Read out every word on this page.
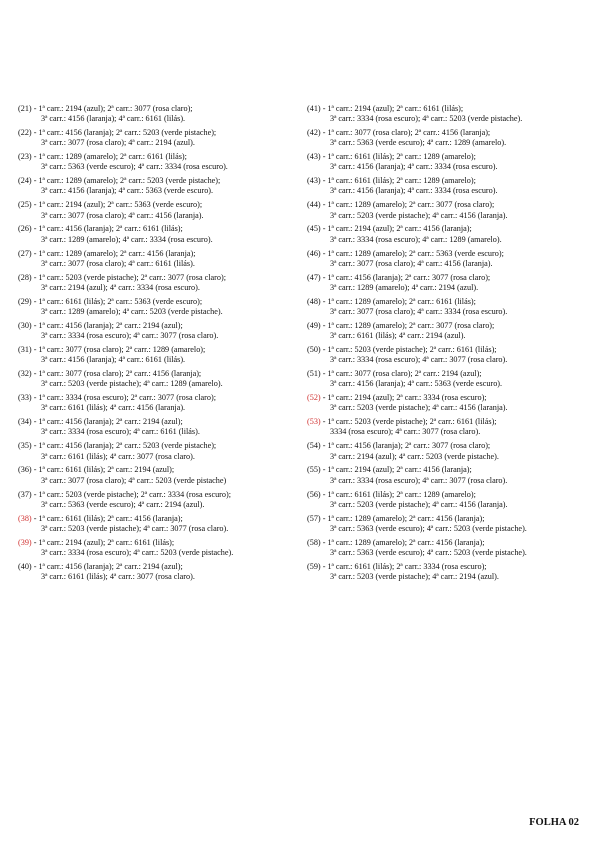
(21) - 1ª carr.: 2194 (azul); 2ª carr.: 3077 (rosa claro);
3ª carr.: 4156 (laranja); 4ª carr.: 6161 (lilás).
(22) - 1ª carr.: 4156 (laranja); 2ª carr.: 5203 (verde pistache);
3ª carr.: 3077 (rosa claro); 4ª carr.: 2194 (azul).
(23) - 1ª carr.: 1289 (amarelo); 2ª carr.: 6161 (lilás);
3ª carr.: 5363 (verde escuro); 4ª carr.: 3334 (rosa escuro).
(24) - 1ª carr.: 1289 (amarelo); 2ª carr.: 5203 (verde pistache);
3ª carr.: 4156 (laranja); 4ª carr.: 5363 (verde escuro).
(25) - 1ª carr.: 2194 (azul); 2ª carr.: 5363 (verde escuro);
3ª carr.: 3077 (rosa claro); 4ª carr.: 4156 (laranja).
(26) - 1ª carr.: 4156 (laranja); 2ª carr.: 6161 (lilás);
3ª carr.: 1289 (amarelo); 4ª carr.: 3334 (rosa escuro).
(27) - 1ª carr.: 1289 (amarelo); 2ª carr.: 4156 (laranja);
3ª carr.: 3077 (rosa claro); 4ª carr.: 6161 (lilás).
(28) - 1ª carr.: 5203 (verde pistache); 2ª carr.: 3077 (rosa claro);
3ª carr.: 2194 (azul); 4ª carr.: 3334 (rosa escuro).
(29) - 1ª carr.: 6161 (lilás); 2ª carr.: 5363 (verde escuro);
3ª carr.: 1289 (amarelo); 4ª carr.: 5203 (verde pistache).
(30) - 1ª carr.: 4156 (laranja); 2ª carr.: 2194 (azul);
3ª carr.: 3334 (rosa escuro); 4ª carr.: 3077 (rosa claro).
(31) - 1ª carr.: 3077 (rosa claro); 2ª carr.: 1289 (amarelo);
3ª carr.: 4156 (laranja); 4ª carr.: 6161 (lilás).
(32) - 1ª carr.: 3077 (rosa claro); 2ª carr.: 4156 (laranja);
3ª carr.: 5203 (verde pistache); 4ª carr.: 1289 (amarelo).
(33) - 1ª carr.: 3334 (rosa escuro); 2ª carr.: 3077 (rosa claro);
3ª carr.: 6161 (lilás); 4ª carr.: 4156 (laranja).
(34) - 1ª carr.: 4156 (laranja); 2ª carr.: 2194 (azul);
3ª carr.: 3334 (rosa escuro); 4ª carr.: 6161 (lilás).
(35) - 1ª carr.: 4156 (laranja); 2ª carr.: 5203 (verde pistache);
3ª carr.: 6161 (lilás); 4ª carr.: 3077 (rosa claro).
(36) - 1ª carr.: 6161 (lilás); 2ª carr.: 2194 (azul);
3ª carr.: 3077 (rosa claro); 4ª carr.: 5203 (verde pistache)
(37) - 1ª carr.: 5203 (verde pistache); 2ª carr.: 3334 (rosa escuro);
3ª carr.: 5363 (verde escuro); 4ª carr.: 2194 (azul).
(38) - 1ª carr.: 6161 (lilás); 2ª carr.: 4156 (laranja);
3ª carr.: 5203 (verde pistache); 4ª carr.: 3077 (rosa claro).
(39) - 1ª carr.: 2194 (azul); 2ª carr.: 6161 (lilás);
3ª carr.: 3334 (rosa escuro); 4ª carr.: 5203 (verde pistache).
(40) - 1ª carr.: 4156 (laranja); 2ª carr.: 2194 (azul);
3ª carr.: 6161 (lilás); 4ª carr.: 3077 (rosa claro).
(41) - 1ª carr.: 2194 (azul); 2ª carr.: 6161 (lilás);
3ª carr.: 3334 (rosa escuro); 4ª carr.: 5203 (verde pistache).
(42) - 1ª carr.: 3077 (rosa claro); 2ª carr.: 4156 (laranja);
3ª carr.: 5363 (verde escuro); 4ª carr.: 1289 (amarelo).
(43) - 1ª carr.: 6161 (lilás); 2ª carr.: 1289 (amarelo);
3ª carr.: 4156 (laranja); 4ª carr.: 3334 (rosa escuro).
(43) - 1ª carr.: 6161 (lilás); 2ª carr.: 1289 (amarelo);
3ª carr.: 4156 (laranja); 4ª carr.: 3334 (rosa escuro).
(44) - 1ª carr.: 1289 (amarelo); 2ª carr.: 3077 (rosa claro);
3ª carr.: 5203 (verde pistache); 4ª carr.: 4156 (laranja).
(45) - 1ª carr.: 2194 (azul); 2ª carr.: 4156 (laranja);
3ª carr.: 3334 (rosa escuro); 4ª carr.: 1289 (amarelo).
(46) - 1ª carr.: 1289 (amarelo); 2ª carr.: 5363 (verde escuro);
3ª carr.: 3077 (rosa claro); 4ª carr.: 4156 (laranja).
(47) - 1ª carr.: 4156 (laranja); 2ª carr.: 3077 (rosa claro);
3ª carr.: 1289 (amarelo); 4ª carr.: 2194 (azul).
(48) - 1ª carr.: 1289 (amarelo); 2ª carr.: 6161 (lilás);
3ª carr.: 3077 (rosa claro); 4ª carr.: 3334 (rosa escuro).
(49) - 1ª carr.: 1289 (amarelo); 2ª carr.: 3077 (rosa claro);
3ª carr.: 6161 (lilás); 4ª carr.: 2194 (azul).
(50) - 1ª carr.: 5203 (verde pistache); 2ª carr.: 6161 (lilás);
3ª carr.: 3334 (rosa escuro); 4ª carr.: 3077 (rosa claro).
(51) - 1ª carr.: 3077 (rosa claro); 2ª carr.: 2194 (azul);
3ª carr.: 4156 (laranja); 4ª carr.: 5363 (verde escuro).
(52) - 1ª carr.: 2194 (azul); 2ª carr.: 3334 (rosa escuro);
3ª carr.: 5203 (verde pistache); 4ª carr.: 4156 (laranja).
(53) - 1ª carr.: 5203 (verde pistache); 2ª carr.: 6161 (lilás);
3334 (rosa escuro); 4ª carr.: 3077 (rosa claro).
(54) - 1ª carr.: 4156 (laranja); 2ª carr.: 3077 (rosa claro);
3ª carr.: 2194 (azul); 4ª carr.: 5203 (verde pistache).
(55) - 1ª carr.: 2194 (azul); 2ª carr.: 4156 (laranja);
3ª carr.: 3334 (rosa escuro); 4ª carr.: 3077 (rosa claro).
(56) - 1ª carr.: 6161 (lilás); 2ª carr.: 1289 (amarelo);
3ª carr.: 5203 (verde pistache); 4ª carr.: 4156 (laranja).
(57) - 1ª carr.: 1289 (amarelo); 2ª carr.: 4156 (laranja);
3ª carr.: 5363 (verde escuro); 4ª carr.: 5203 (verde pistache).
(58) - 1ª carr.: 1289 (amarelo); 2ª carr.: 4156 (laranja);
3ª carr.: 5363 (verde escuro); 4ª carr.: 5203 (verde pistache).
(59) - 1ª carr.: 6161 (lilás); 2ª carr.: 3334 (rosa escuro);
3ª carr.: 5203 (verde pistache); 4ª carr.: 2194 (azul).
FOLHA 02
